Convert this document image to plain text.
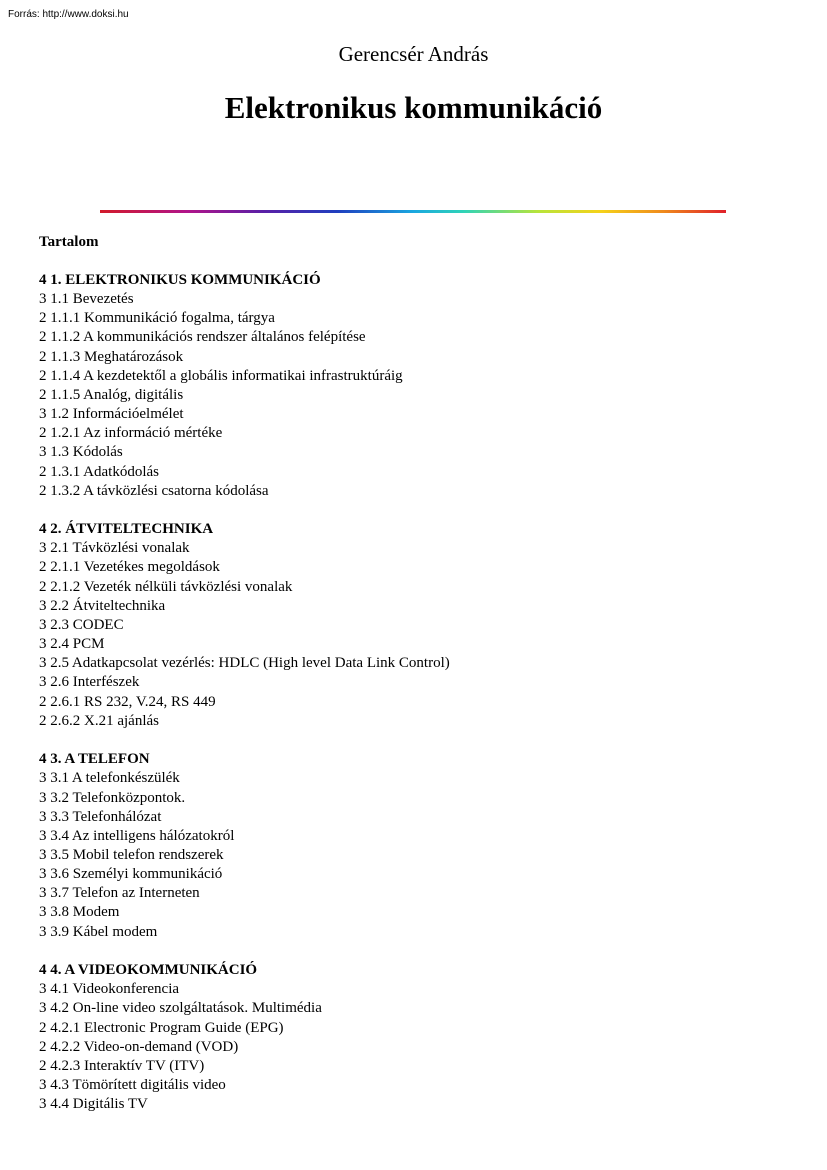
Forrás: http://www.doksi.hu
Gerencsér András
Elektronikus kommunikáció
Tartalom
4 1. ELEKTRONIKUS KOMMUNIKÁCIÓ
3 1.1 Bevezetés
2 1.1.1 Kommunikáció fogalma, tárgya
2 1.1.2 A kommunikációs rendszer általános felépítése
2 1.1.3 Meghatározások
2 1.1.4 A kezdetektől a globális informatikai infrastruktúráig
2 1.1.5 Analóg, digitális
3 1.2 Információelmélet
2 1.2.1 Az információ mértéke
3 1.3 Kódolás
2 1.3.1 Adatkódolás
2 1.3.2 A távközlési csatorna kódolása
4 2. ÁTVITELTECHNIKA
3 2.1 Távközlési vonalak
2 2.1.1 Vezetékes megoldások
2 2.1.2 Vezeték nélküli távközlési vonalak
3 2.2 Átviteltechnika
3 2.3 CODEC
3 2.4 PCM
3 2.5 Adatkapcsolat vezérlés: HDLC (High level Data Link Control)
3 2.6 Interfészek
2 2.6.1 RS 232, V.24, RS 449
2 2.6.2 X.21 ajánlás
4 3. A TELEFON
3 3.1 A telefonkészülék
3 3.2 Telefonközpontok.
3 3.3 Telefonhálózat
3 3.4 Az intelligens hálózatokról
3 3.5 Mobil telefon rendszerek
3 3.6 Személyi kommunikáció
3 3.7 Telefon az Interneten
3 3.8 Modem
3 3.9 Kábel modem
4 4. A VIDEOKOMMUNIKÁCIÓ
3 4.1 Videokonferencia
3 4.2 On-line video szolgáltatások. Multimédia
2 4.2.1 Electronic Program Guide (EPG)
2 4.2.2 Video-on-demand (VOD)
2 4.2.3 Interaktív TV (ITV)
3 4.3 Tömörített digitális video
3 4.4 Digitális TV
